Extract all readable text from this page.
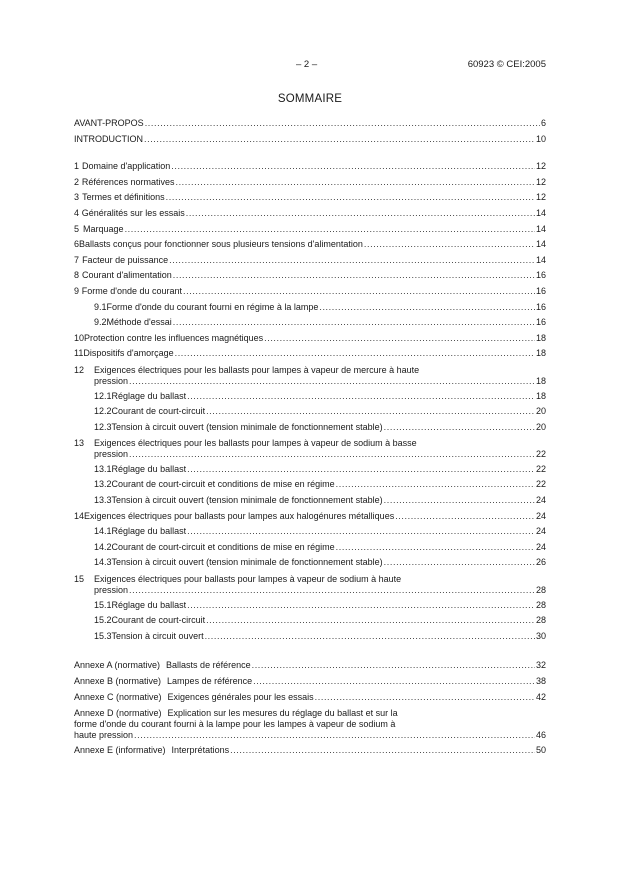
– 2 –	60923 © CEI:2005
SOMMAIRE
AVANT-PROPOS .....	6
INTRODUCTION .....	10
1 Domaine d'application .....	12
2 Références normatives .....	12
3 Termes et définitions .....	12
4 Généralités sur les essais .....	14
5 Marquage .....	14
6 Ballasts conçus pour fonctionner sous plusieurs tensions d'alimentation .....	14
7 Facteur de puissance .....	14
8 Courant d'alimentation .....	16
9 Forme d'onde du courant .....	16
9.1 Forme d'onde du courant fourni en régime à la lampe .....	16
9.2 Méthode d'essai .....	16
10 Protection contre les influences magnétiques .....	18
11 Dispositifs d'amorçage .....	18
12 Exigences électriques pour les ballasts pour lampes à vapeur de mercure à haute
pression .....	18
12.1 Réglage du ballast .....	18
12.2 Courant de court-circuit .....	20
12.3 Tension à circuit ouvert (tension minimale de fonctionnement stable) .....	20
13 Exigences électriques pour les ballasts pour lampes à vapeur de sodium à basse
pression .....	22
13.1 Réglage du ballast .....	22
13.2 Courant de court-circuit et conditions de mise en régime .....	22
13.3 Tension à circuit ouvert (tension minimale de fonctionnement stable) .....	24
14 Exigences électriques pour ballasts pour lampes aux halogénures métalliques .....	24
14.1 Réglage du ballast .....	24
14.2 Courant de court-circuit et conditions de mise en régime .....	24
14.3 Tension à circuit ouvert (tension minimale de fonctionnement stable) .....	26
15 Exigences électriques pour ballasts pour lampes à vapeur de sodium à haute
pression .....	28
15.1 Réglage du ballast .....	28
15.2 Courant de court-circuit .....	28
15.3 Tension à circuit ouvert .....	30
Annexe A (normative) Ballasts de référence .....	32
Annexe B (normative) Lampes de référence .....	38
Annexe C (normative) Exigences générales pour les essais .....	42
Annexe D (normative) Explication sur les mesures du réglage du ballast et sur la
forme d'onde du courant fourni à la lampe pour les lampes à vapeur de sodium à
haute pression .....	46
Annexe E (informative) Interprétations .....	50
